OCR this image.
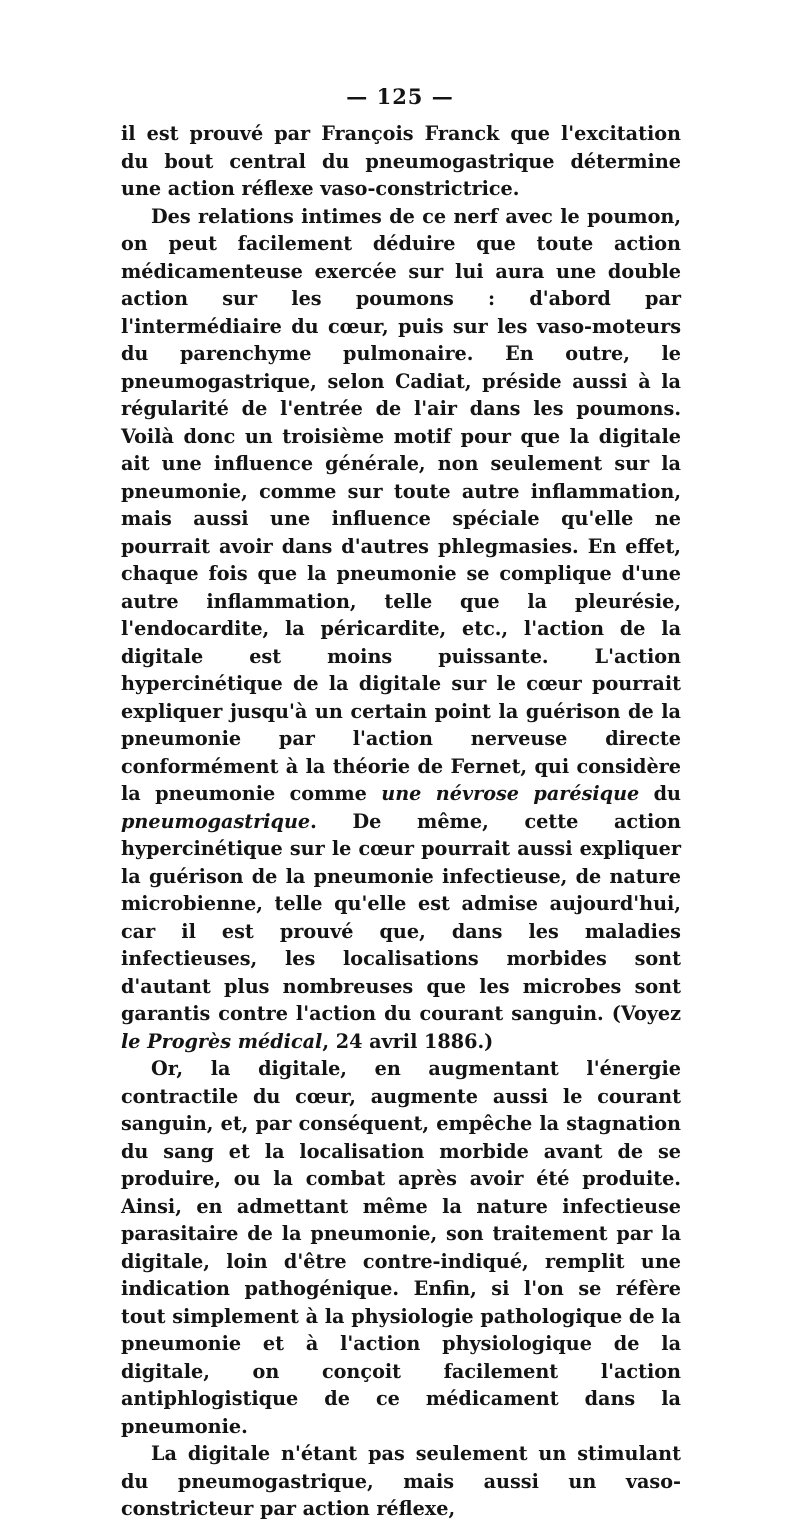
— 125 —

il est prouvé par François Franck que l'excitation du bout central du pneumogastrique détermine une action réflexe vaso-constrictrice.

Des relations intimes de ce nerf avec le poumon, on peut facilement déduire que toute action médicamenteuse exercée sur lui aura une double action sur les poumons : d'abord par l'intermédiaire du cœur, puis sur les vaso-moteurs du parenchyme pulmonaire. En outre, le pneumogastrique, selon Cadiat, préside aussi à la régularité de l'entrée de l'air dans les poumons. Voilà donc un troisième motif pour que la digitale ait une influence générale, non seulement sur la pneumonie, comme sur toute autre inflammation, mais aussi une influence spéciale qu'elle ne pourrait avoir dans d'autres phlegmasies. En effet, chaque fois que la pneumonie se complique d'une autre inflammation, telle que la pleurésie, l'endocardite, la péricardite, etc., l'action de la digitale est moins puissante. L'action hypercinétique de la digitale sur le cœur pourrait expliquer jusqu'à un certain point la guérison de la pneumonie par l'action nerveuse directe conformément à la théorie de Fernet, qui considère la pneumonie comme une névrose parésique du pneumogastrique. De même, cette action hypercinétique sur le cœur pourrait aussi expliquer la guérison de la pneumonie infectieuse, de nature microbienne, telle qu'elle est admise aujourd'hui, car il est prouvé que, dans les maladies infectieuses, les localisations morbides sont d'autant plus nombreuses que les microbes sont garantis contre l'action du courant sanguin. (Voyez le Progrès médical, 24 avril 1886.)

Or, la digitale, en augmentant l'énergie contractile du cœur, augmente aussi le courant sanguin, et, par conséquent, empêche la stagnation du sang et la localisation morbide avant de se produire, ou la combat après avoir été produite. Ainsi, en admettant même la nature infectieuse parasitaire de la pneumonie, son traitement par la digitale, loin d'être contre-indiqué, remplit une indication pathogénique. Enfin, si l'on se réfère tout simplement à la physiologie pathologique de la pneumonie et à l'action physiologique de la digitale, on conçoit facilement l'action antiphlogistique de ce médicament dans la pneumonie.

La digitale n'étant pas seulement un stimulant du pneumogastrique, mais aussi un vaso-constricteur par action réflexe,
